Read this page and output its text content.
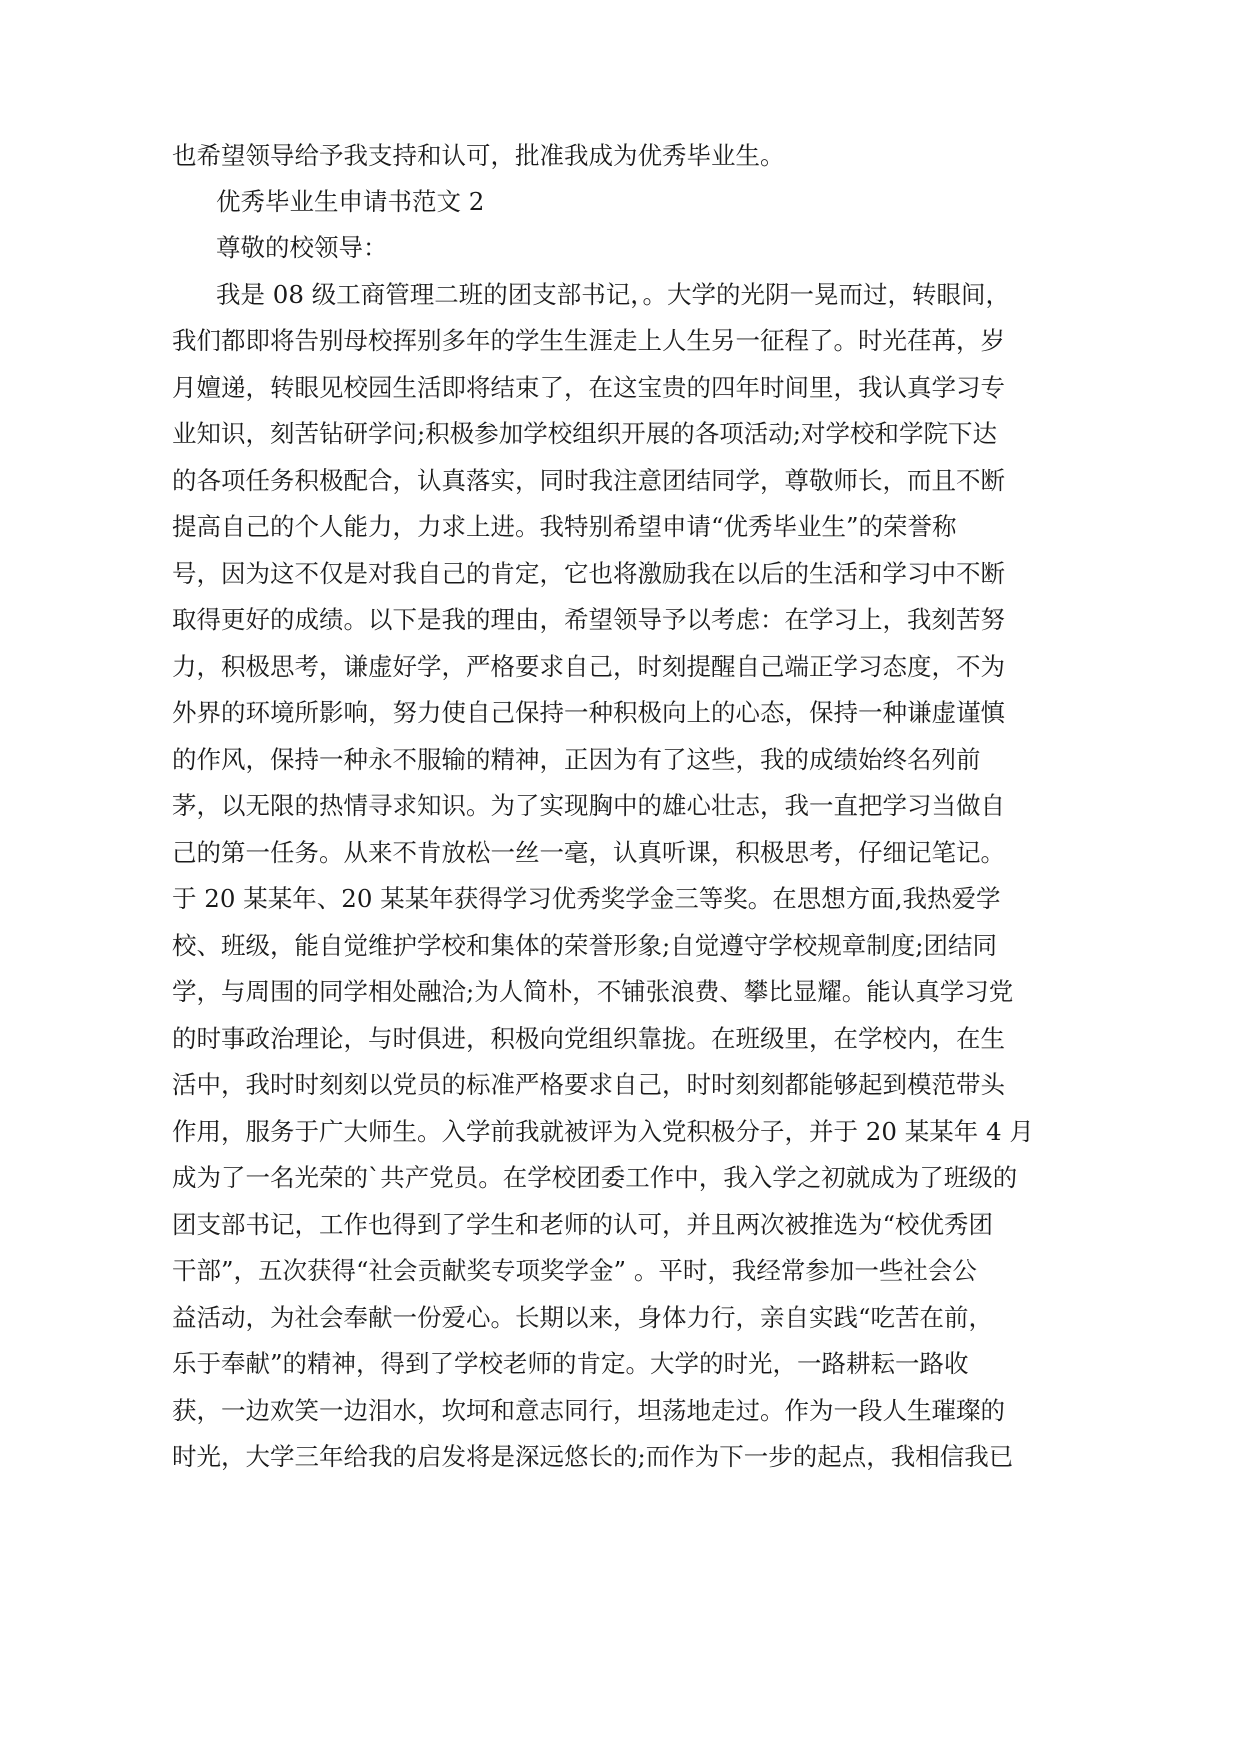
也希望领导给予我支持和认可，批准我成为优秀毕业生。
优秀毕业生申请书范文 2
尊敬的校领导：
我是 08 级工商管理二班的团支部书记，。大学的光阴一晃而过，转眼间，
我们都即将告别母校挥别多年的学生生涯走上人生另一征程了。时光荏苒，岁
月嬗递，转眼见校园生活即将结束了，在这宝贵的四年时间里，我认真学习专
业知识，刻苦钻研学问;积极参加学校组织开展的各项活动;对学校和学院下达
的各项任务积极配合，认真落实，同时我注意团结同学，尊敬师长，而且不断
提高自己的个人能力，力求上进。我特别希望申请“优秀毕业生”的荣誉称
号，因为这不仅是对我自己的肯定，它也将激励我在以后的生活和学习中不断
取得更好的成绩。以下是我的理由，希望领导予以考虑：在学习上，我刻苦努
力，积极思考，谦虚好学，严格要求自己，时刻提醒自己端正学习态度，不为
外界的环境所影响，努力使自己保持一种积极向上的心态，保持一种谦虚谨慎
的作风，保持一种永不服输的精神，正因为有了这些，我的成绩始终名列前
茅，以无限的热情寻求知识。为了实现胸中的雄心壮志，我一直把学习当做自
己的第一任务。从来不肯放松一丝一毫，认真听课，积极思考，仔细记笔记。
于 20 某某年、20 某某年获得学习优秀奖学金三等奖。在思想方面,我热爱学
校、班级，能自觉维护学校和集体的荣誉形象;自觉遵守学校规章制度;团结同
学，与周围的同学相处融洽;为人简朴，不铺张浪费、攀比显耀。能认真学习党
的时事政治理论，与时俱进，积极向党组织靠拢。在班级里，在学校内，在生
活中，我时时刻刻以党员的标准严格要求自己，时时刻刻都能够起到模范带头
作用，服务于广大师生。入学前我就被评为入党积极分子，并于 20 某某年 4 月
成为了一名光荣的`共产党员。在学校团委工作中，我入学之初就成为了班级的
团支部书记，工作也得到了学生和老师的认可，并且两次被推选为“校优秀团
干部”，五次获得“社会贡献奖专项奖学金” 。平时，我经常参加一些社会公
益活动，为社会奉献一份爱心。长期以来，身体力行，亲自实践“吃苦在前，
乐于奉献”的精神，得到了学校老师的肯定。大学的时光，一路耕耘一路收
获，一边欢笑一边泪水，坎坷和意志同行，坦荡地走过。作为一段人生璀璨的
时光，大学三年给我的启发将是深远悠长的;而作为下一步的起点，我相信我已
